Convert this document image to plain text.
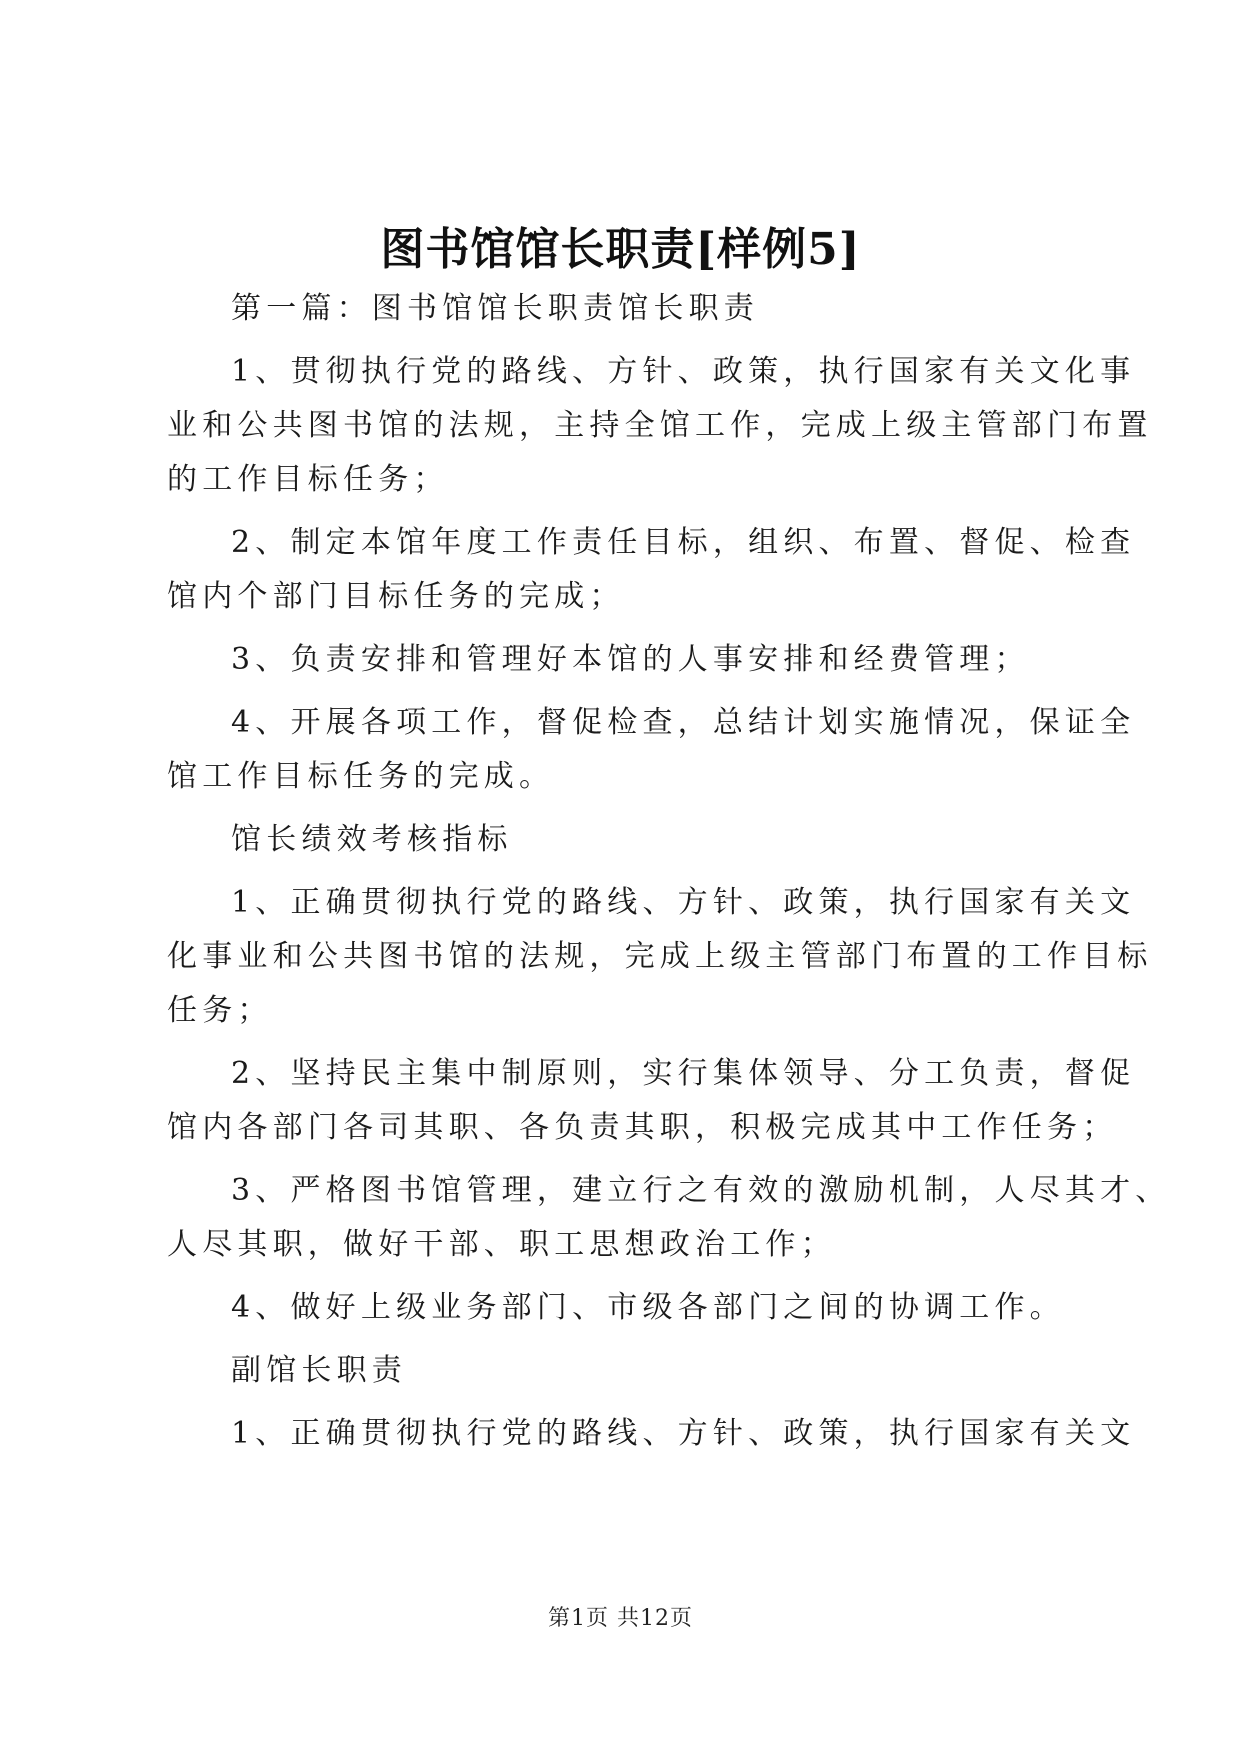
图书馆馆长职责[样例5]
第一篇：图书馆馆长职责馆长职责
1、贯彻执行党的路线、方针、政策，执行国家有关文化事
业和公共图书馆的法规，主持全馆工作，完成上级主管部门布置
的工作目标任务；
2、制定本馆年度工作责任目标，组织、布置、督促、检查
馆内个部门目标任务的完成；
3、负责安排和管理好本馆的人事安排和经费管理；
4、开展各项工作，督促检查，总结计划实施情况，保证全
馆工作目标任务的完成。
馆长绩效考核指标
1、正确贯彻执行党的路线、方针、政策，执行国家有关文
化事业和公共图书馆的法规，完成上级主管部门布置的工作目标
任务；
2、坚持民主集中制原则，实行集体领导、分工负责，督促
馆内各部门各司其职、各负责其职，积极完成其中工作任务；
3、严格图书馆管理，建立行之有效的激励机制，人尽其才、
人尽其职，做好干部、职工思想政治工作；
4、做好上级业务部门、市级各部门之间的协调工作。
副馆长职责
1、正确贯彻执行党的路线、方针、政策，执行国家有关文
第1页 共12页
